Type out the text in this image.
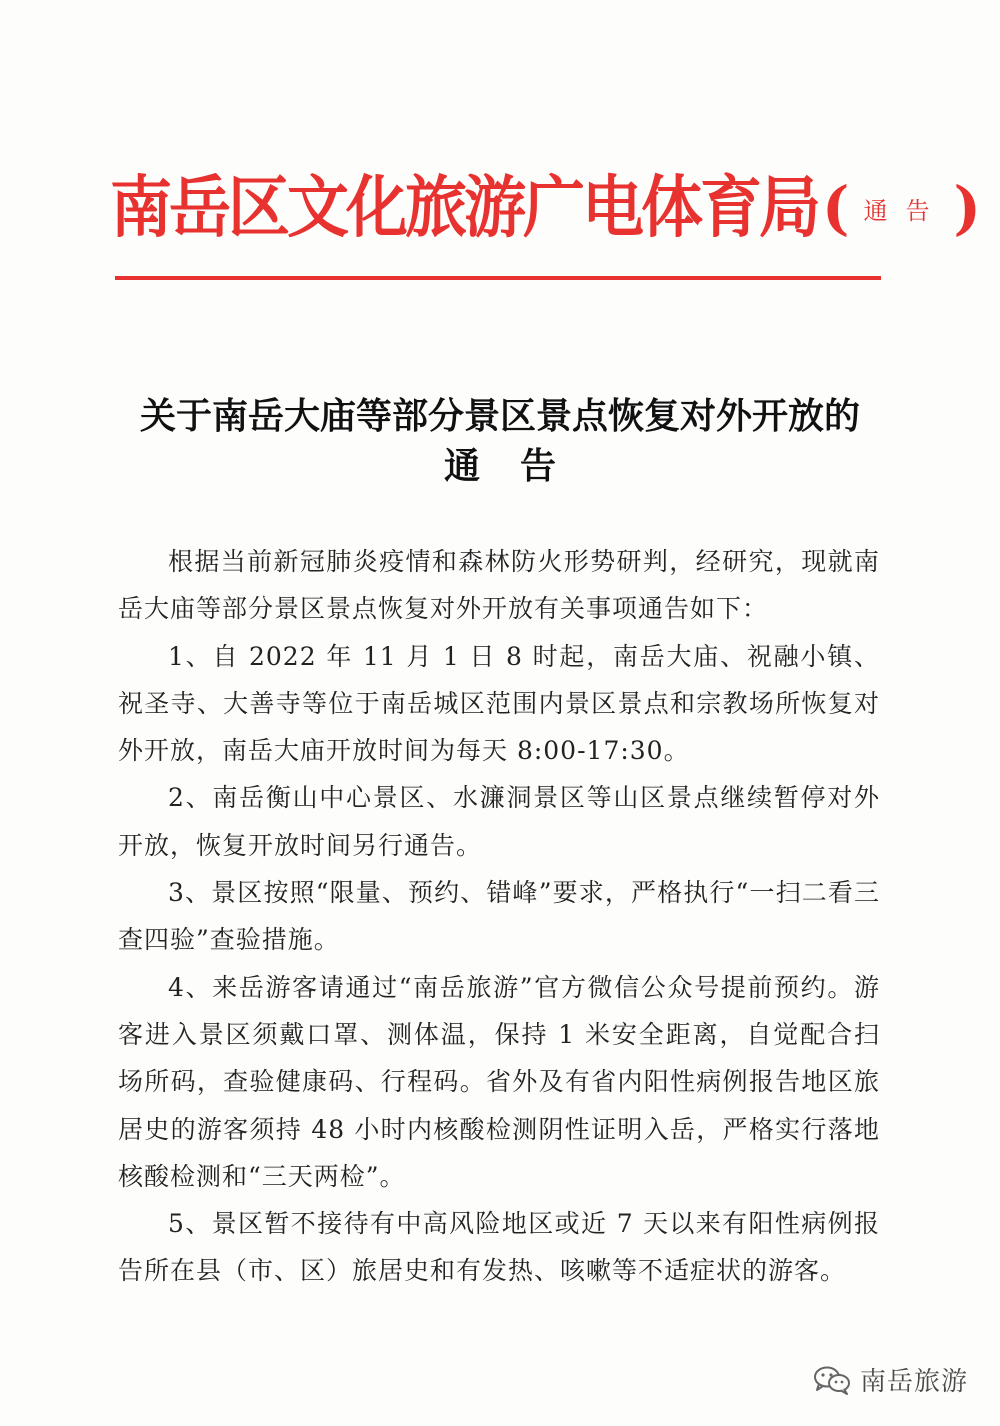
南岳区文化旅游广电体育局 ( 通告 )
关于南岳大庙等部分景区景点恢复对外开放的
通告

根据当前新冠肺炎疫情和森林防火形势研判，经研究，现就南岳大庙等部分景区景点恢复对外开放有关事项通告如下：

1、自 2022 年 11 月 1 日 8 时起，南岳大庙、祝融小镇、祝圣寺、大善寺等位于南岳城区范围内景区景点和宗教场所恢复对外开放，南岳大庙开放时间为每天 8:00-17:30。

2、南岳衡山中心景区、水濂洞景区等山区景点继续暂停对外开放，恢复开放时间另行通告。

3、景区按照“限量、预约、错峰”要求，严格执行“一扫二看三查四验”查验措施。

4、来岳游客请通过“南岳旅游”官方微信公众号提前预约。游客进入景区须戴口罩、测体温，保持 1 米安全距离，自觉配合扫场所码，查验健康码、行程码。省外及有省内阳性病例报告地区旅居史的游客须持 48 小时内核酸检测阴性证明入岳，严格实行落地核酸检测和“三天两检”。

5、景区暂不接待有中高风险地区或近 7 天以来有阳性病例报告所在县（市、区）旅居史和有发热、咳嗽等不适症状的游客。

南岳旅游
